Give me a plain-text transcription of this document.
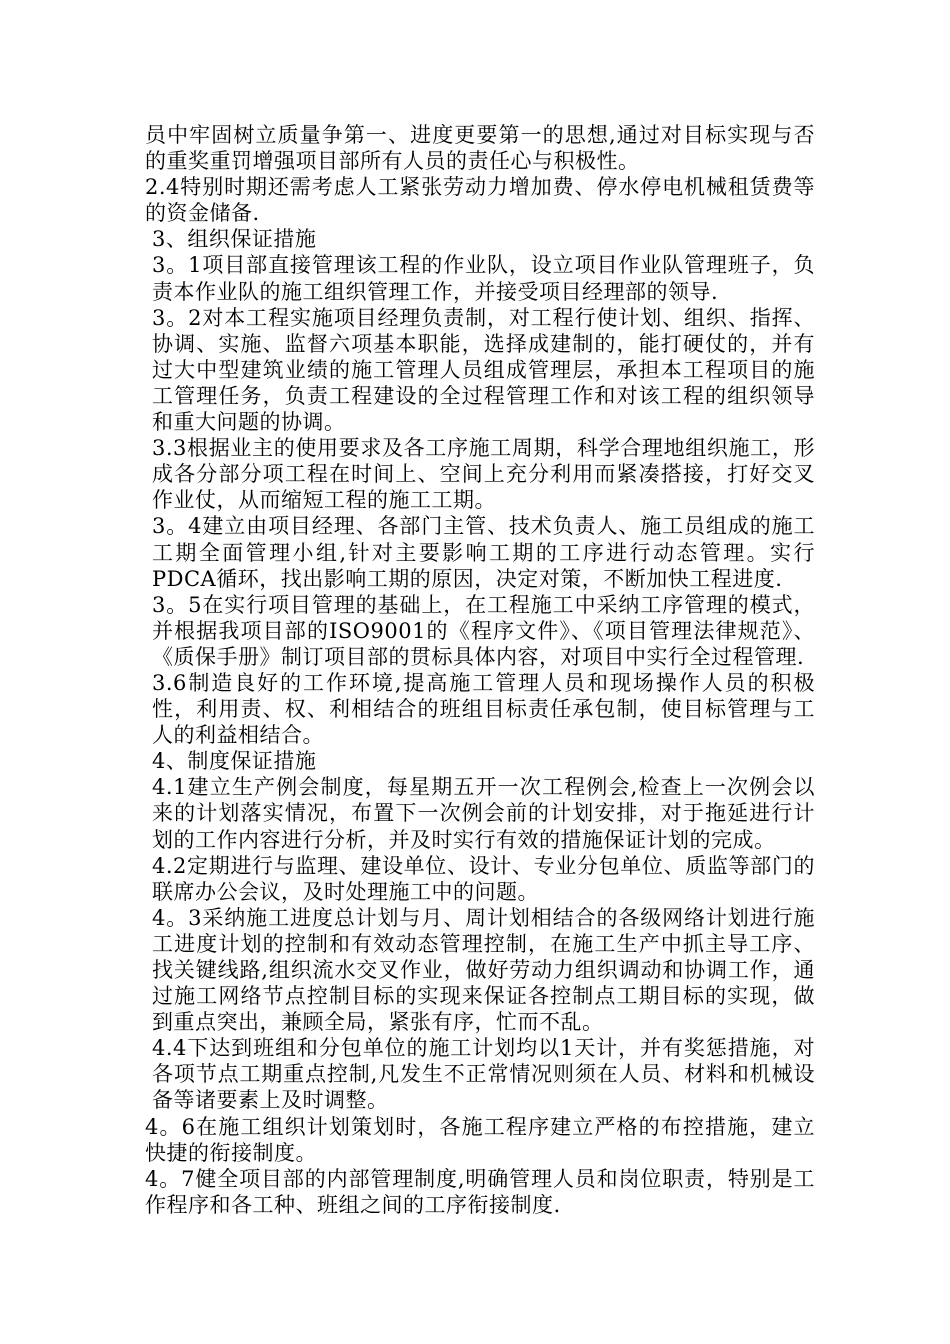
员中牢固树立质量争第一、进度更要第一的思想,通过对目标实现与否的重奖重罚增强项目部所有人员的责任心与积极性。

2.4特别时期还需考虑人工紧张劳动力增加费、停水停电机械租赁费等的资金储备.

3、组织保证措施

3。1项目部直接管理该工程的作业队，设立项目作业队管理班子，负责本作业队的施工组织管理工作，并接受项目经理部的领导.

3。2对本工程实施项目经理负责制，对工程行使计划、组织、指挥、协调、实施、监督六项基本职能，选择成建制的，能打硬仗的，并有过大中型建筑业绩的施工管理人员组成管理层，承担本工程项目的施工管理任务，负责工程建设的全过程管理工作和对该工程的组织领导和重大问题的协调。

3.3根据业主的使用要求及各工序施工周期，科学合理地组织施工，形成各分部分项工程在时间上、空间上充分利用而紧凑搭接，打好交叉作业仗，从而缩短工程的施工工期。

3。4建立由项目经理、各部门主管、技术负责人、施工员组成的施工工期全面管理小组,针对主要影响工期的工序进行动态管理。实行PDCA循环，找出影响工期的原因，决定对策，不断加快工程进度.

3。5在实行项目管理的基础上，在工程施工中采纳工序管理的模式，并根据我项目部的ISO9001的《程序文件》、《项目管理法律规范》、《质保手册》制订项目部的贯标具体内容，对项目中实行全过程管理.

3.6制造良好的工作环境,提高施工管理人员和现场操作人员的积极性，利用责、权、利相结合的班组目标责任承包制，使目标管理与工人的利益相结合。

4、制度保证措施

4.1建立生产例会制度，每星期五开一次工程例会,检查上一次例会以来的计划落实情况，布置下一次例会前的计划安排，对于拖延进行计划的工作内容进行分析，并及时实行有效的措施保证计划的完成。

4.2定期进行与监理、建设单位、设计、专业分包单位、质监等部门的联席办公会议，及时处理施工中的问题。

4。3采纳施工进度总计划与月、周计划相结合的各级网络计划进行施工进度计划的控制和有效动态管理控制，在施工生产中抓主导工序、找关键线路,组织流水交叉作业，做好劳动力组织调动和协调工作，通过施工网络节点控制目标的实现来保证各控制点工期目标的实现，做到重点突出，兼顾全局，紧张有序，忙而不乱。

4.4下达到班组和分包单位的施工计划均以1天计，并有奖惩措施，对各项节点工期重点控制,凡发生不正常情况则须在人员、材料和机械设备等诸要素上及时调整。

4。6在施工组织计划策划时，各施工程序建立严格的布控措施，建立快捷的衔接制度。

4。7健全项目部的内部管理制度,明确管理人员和岗位职责，特别是工作程序和各工种、班组之间的工序衔接制度.
